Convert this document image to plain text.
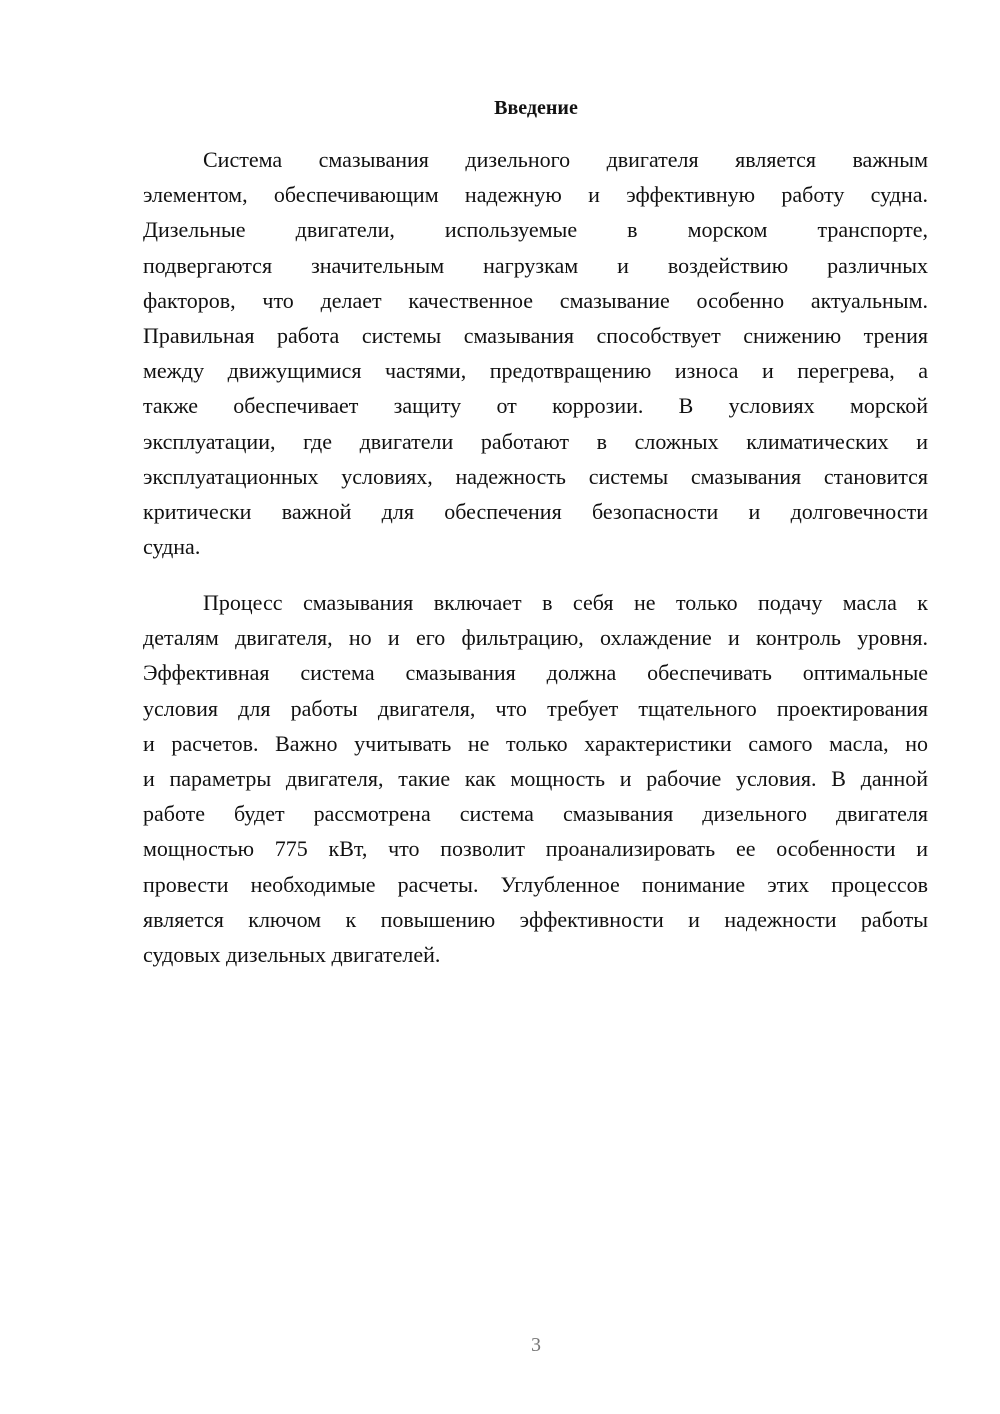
Введение
Система смазывания дизельного двигателя является важным
элементом, обеспечивающим надежную и эффективную работу судна.
Дизельные двигатели, используемые в морском транспорте,
подвергаются значительным нагрузкам и воздействию различных
факторов, что делает качественное смазывание особенно актуальным.
Правильная работа системы смазывания способствует снижению трения
между движущимися частями, предотвращению износа и перегрева, а
также обеспечивает защиту от коррозии. В условиях морской
эксплуатации, где двигатели работают в сложных климатических и
эксплуатационных условиях, надежность системы смазывания становится
критически важной для обеспечения безопасности и долговечности
судна.
Процесс смазывания включает в себя не только подачу масла к
деталям двигателя, но и его фильтрацию, охлаждение и контроль уровня.
Эффективная система смазывания должна обеспечивать оптимальные
условия для работы двигателя, что требует тщательного проектирования
и расчетов. Важно учитывать не только характеристики самого масла, но
и параметры двигателя, такие как мощность и рабочие условия. В данной
работе будет рассмотрена система смазывания дизельного двигателя
мощностью 775 кВт, что позволит проанализировать ее особенности и
провести необходимые расчеты. Углубленное понимание этих процессов
является ключом к повышению эффективности и надежности работы
судовых дизельных двигателей.
3
